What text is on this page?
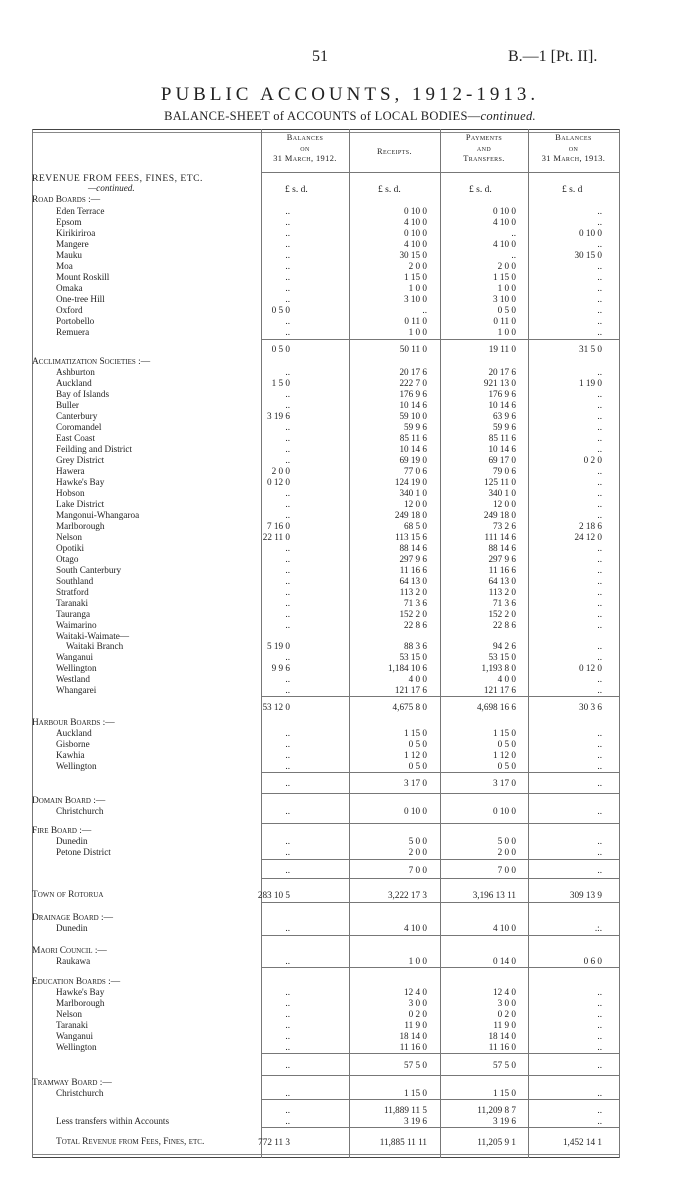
51	B.—1 [Pt. II].
PUBLIC ACCOUNTS, 1912-1913.
BALANCE-SHEET of ACCOUNTS of LOCAL BODIES—continued.
Balances
on
31 March, 1912.
Receipts.
Payments
and
Transfers.
Balances
on
31 March, 1913.
£ s. d.	£ s. d.	£ s. d.	£ s. d
REVENUE FROM FEES, FINES, ETC.
—continued.
Road Boards :—
Eden Terrace	..	0 10 0	0 10 0	..
Epsom	..	4 10 0	4 10 0	..
Kirikiriroa	..	0 10 0	..	0 10 0
Mangere	..	4 10 0	4 10 0	..
Mauku	..	30 15 0	..	30 15 0
Moa	..	2 0 0	2 0 0	..
Mount Roskill	..	1 15 0	1 15 0	..
Omaka	..	1 0 0	1 0 0	..
One-tree Hill	..	3 10 0	3 10 0	..
Oxford	0 5 0	..	0 5 0	..
Portobello	..	0 11 0	0 11 0	..
Remuera	..	1 0 0	1 0 0	..
0 5 0	50 11 0	19 11 0	31 5 0
Acclimatization Societies :—
Ashburton	..	20 17 6	20 17 6	..
Auckland	1 5 0	222 7 0	921 13 0	1 19 0
Bay of Islands	..	176 9 6	176 9 6	..
Buller	..	10 14 6	10 14 6	..
Canterbury	3 19 6	59 10 0	63 9 6	..
Coromandel	..	59 9 6	59 9 6	..
East Coast	..	85 11 6	85 11 6	..
Feilding and District	..	10 14 6	10 14 6	..
Grey District	..	69 19 0	69 17 0	0 2 0
Hawera	2 0 0	77 0 6	79 0 6	..
Hawke's Bay	0 12 0	124 19 0	125 11 0	..
Hobson	..	340 1 0	340 1 0	..
Lake District	..	12 0 0	12 0 0	..
Mangonui-Whangaroa	..	249 18 0	249 18 0	..
Marlborough	7 16 0	68 5 0	73 2 6	2 18 6
Nelson	22 11 0	113 15 6	111 14 6	24 12 0
Opotiki	..	88 14 6	88 14 6	..
Otago	..	297 9 6	297 9 6	..
South Canterbury	..	11 16 6	11 16 6	..
Southland	..	64 13 0	64 13 0	..
Stratford	..	113 2 0	113 2 0	..
Taranaki	..	71 3 6	71 3 6	..
Tauranga	..	152 2 0	152 2 0	..
Waimarino	..	22 8 6	22 8 6	..
Waitaki-Waimate—
Waitaki Branch	5 19 0	88 3 6	94 2 6	..
Wanganui	..	53 15 0	53 15 0	..
Wellington	9 9 6	1,184 10 6	1,193 8 0	0 12 0
Westland	..	4 0 0	4 0 0	..
Whangarei	..	121 17 6	121 17 6	..
53 12 0	4,675 8 0	4,698 16 6	30 3 6
Harbour Boards :—
Auckland	..	1 15 0	1 15 0	..
Gisborne	..	0 5 0	0 5 0	..
Kawhia	..	1 12 0	1 12 0	..
Wellington	..	0 5 0	0 5 0	..
..	3 17 0	3 17 0	..
Domain Board :—
Christchurch	..	0 10 0	0 10 0	..
Fire Board :—
Dunedin	..	5 0 0	5 0 0	..
Petone District	..	2 0 0	2 0 0	..
..	7 0 0	7 0 0	..
Town of Rotorua	283 10 5	3,222 17 3	3,196 13 11	309 13 9
Drainage Board :—
Dunedin	..	4 10 0	4 10 0	.:.
Maori Council :—
Raukawa	..	1 0 0	0 14 0	0 6 0
Education Boards :—
Hawke's Bay	..	12 4 0	12 4 0	..
Marlborough	..	3 0 0	3 0 0	..
Nelson	..	0 2 0	0 2 0	..
Taranaki	..	11 9 0	11 9 0	..
Wanganui	..	18 14 0	18 14 0	..
Wellington	..	11 16 0	11 16 0	..
..	57 5 0	57 5 0	..
Tramway Board :—
Christchurch	..	1 15 0	1 15 0	..
..	11,889 11 5	11,209 8 7	..
Less transfers within Accounts	..	3 19 6	3 19 6	..
Total Revenue from Fees, Fines, etc.	772 11 3	11,885 11 11	11,205 9 1	1,452 14 1
